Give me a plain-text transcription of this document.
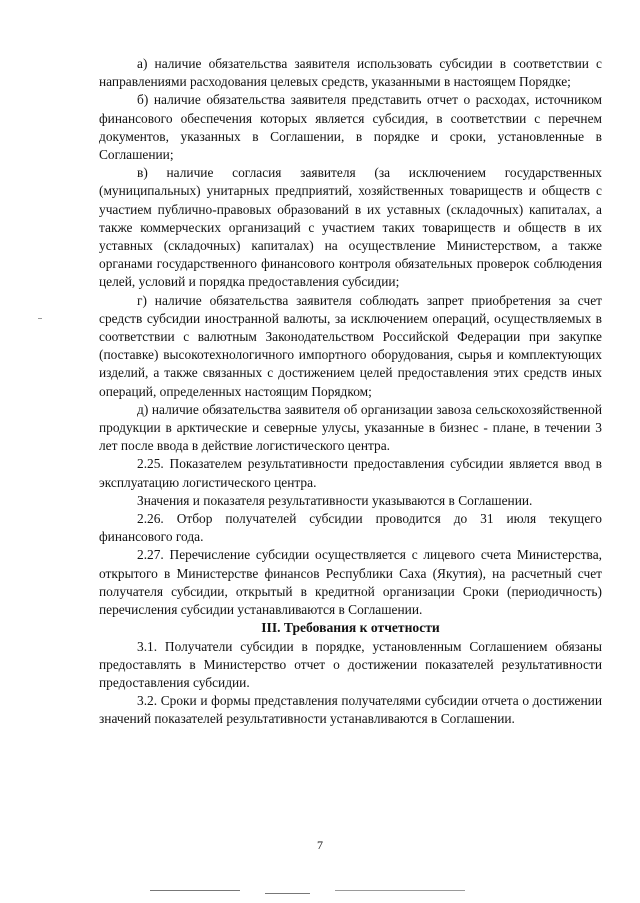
а) наличие обязательства заявителя использовать субсидии в соответствии с направлениями расходования целевых средств, указанными в настоящем Порядке;

б) наличие обязательства заявителя представить отчет о расходах, источником финансового обеспечения которых является субсидия, в соответствии с перечнем документов, указанных в Соглашении, в порядке и сроки, установленные в Соглашении;

в) наличие согласия заявителя (за исключением государственных (муниципальных) унитарных предприятий, хозяйственных товариществ и обществ с участием публично-правовых образований в их уставных (складочных) капиталах, а также коммерческих организаций с участием таких товариществ и обществ в их уставных (складочных) капиталах) на осуществление Министерством, а также органами государственного финансового контроля обязательных проверок соблюдения целей, условий и порядка предоставления субсидии;

г) наличие обязательства заявителя соблюдать запрет приобретения за счет средств субсидии иностранной валюты, за исключением операций, осуществляемых в соответствии с валютным Законодательством Российской Федерации при закупке (поставке) высокотехнологичного импортного оборудования, сырья и комплектующих изделий, а также связанных с достижением целей предоставления этих средств иных операций, определенных настоящим Порядком;

д) наличие обязательства заявителя об организации завоза сельскохозяйственной продукции в арктические и северные улусы, указанные в бизнес - плане, в течении 3 лет после ввода в действие логистического центра.

2.25. Показателем результативности предоставления субсидии является ввод в эксплуатацию логистического центра.

Значения и показателя результативности указываются в Соглашении.

2.26. Отбор получателей субсидии проводится до 31 июля текущего финансового года.

2.27. Перечисление субсидии осуществляется с лицевого счета Министерства, открытого в Министерстве финансов Республики Саха (Якутия), на расчетный счет получателя субсидии, открытый в кредитной организации Сроки (периодичность) перечисления субсидии устанавливаются в Соглашении.

III. Требования к отчетности

3.1. Получатели субсидии в порядке, установленным Соглашением обязаны предоставлять в Министерство отчет о достижении показателей результативности предоставления субсидии.

3.2. Сроки и формы представления получателями субсидии отчета о достижении значений показателей результативности устанавливаются в Соглашении.

7
